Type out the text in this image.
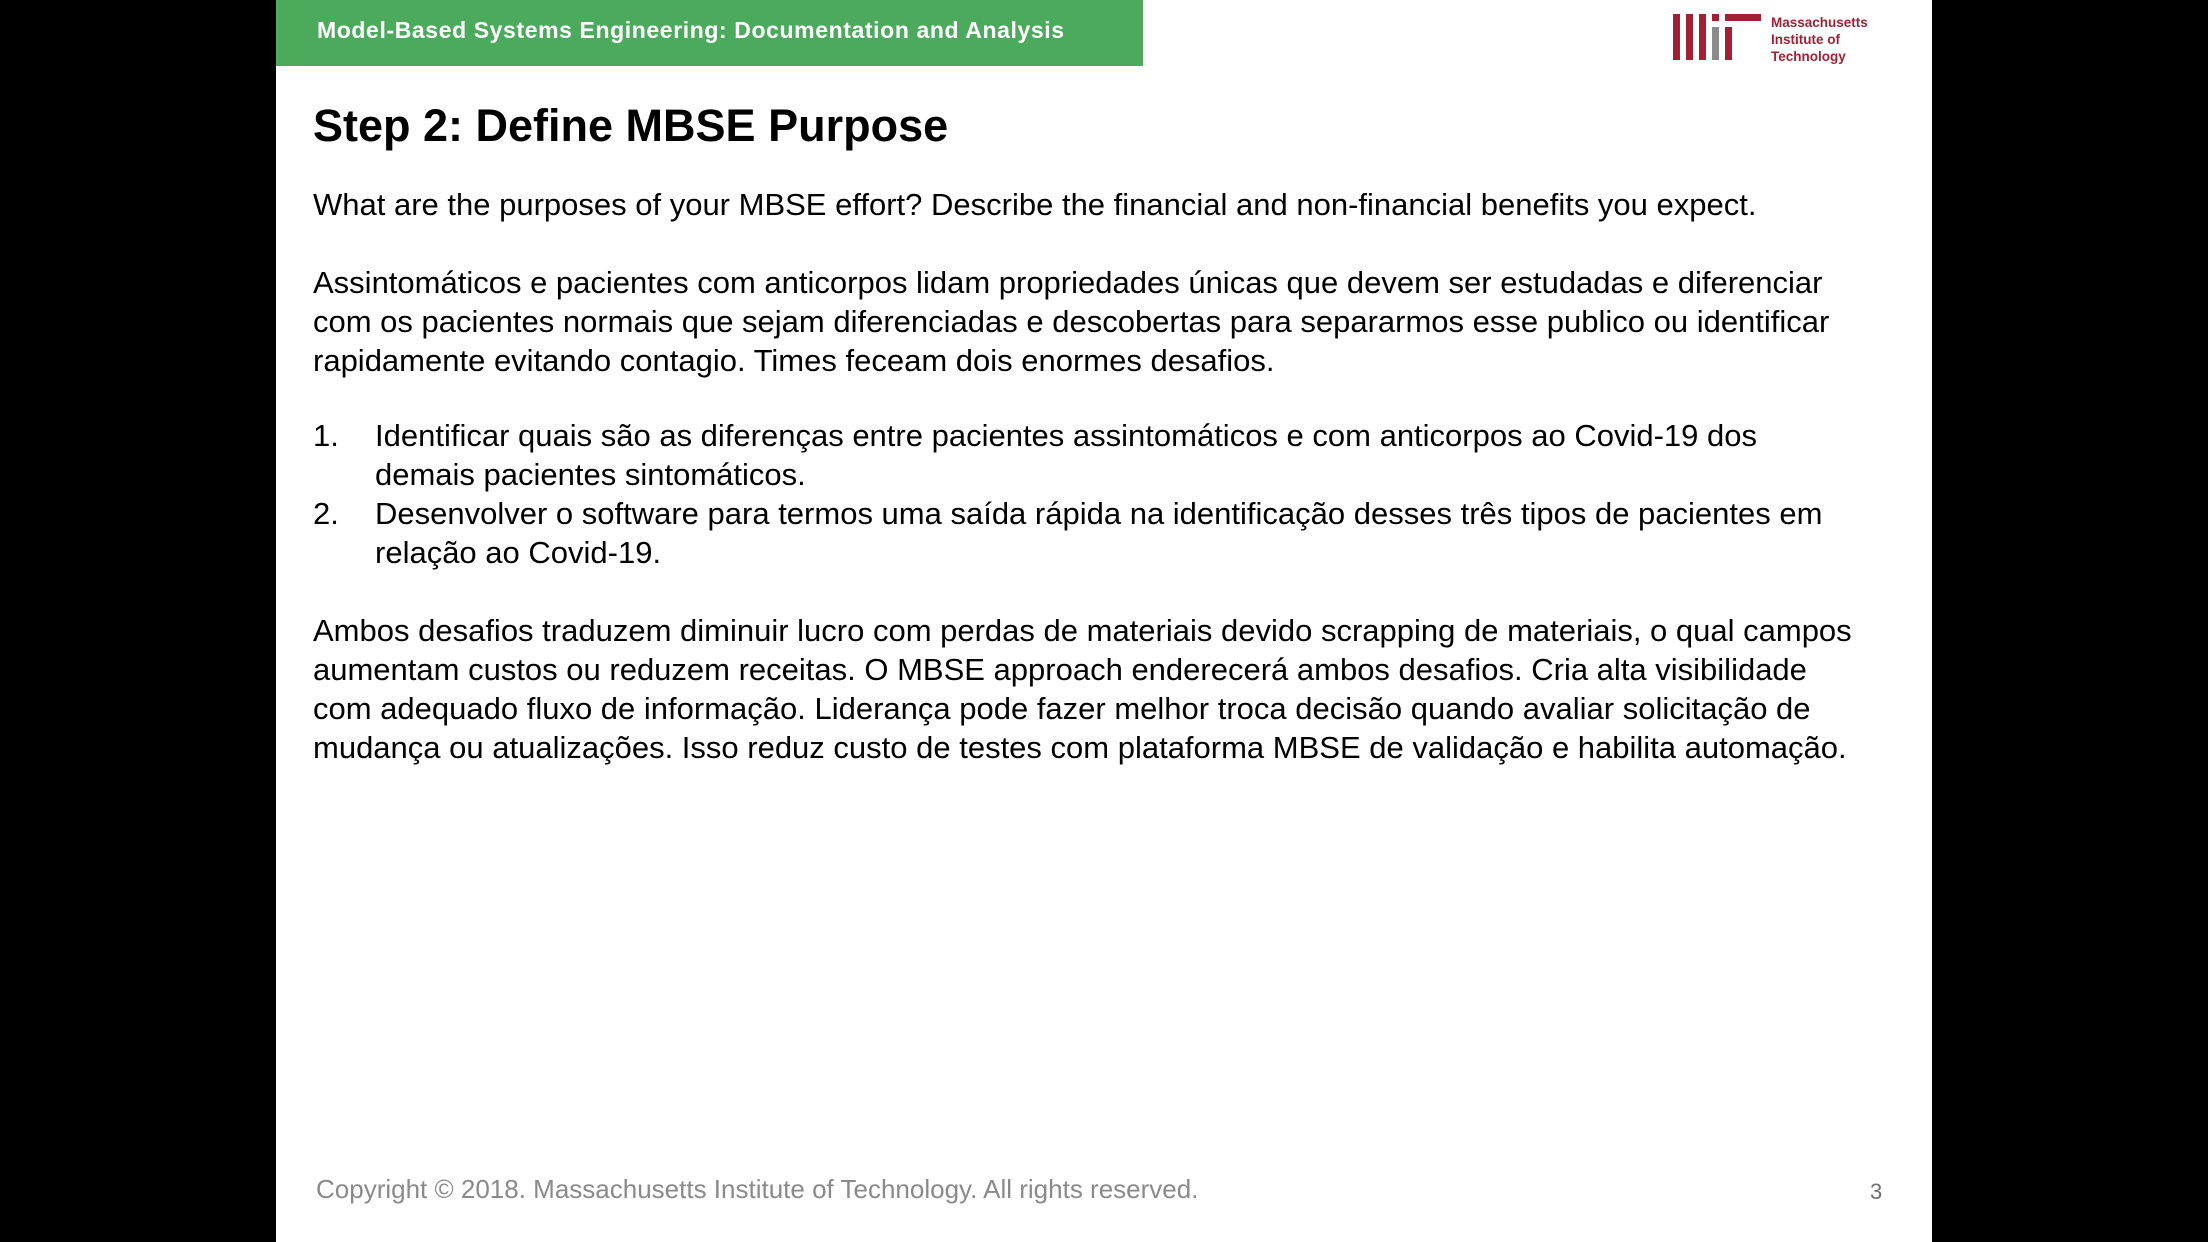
Model-Based Systems Engineering: Documentation and Analysis	Massachusetts
Institute of
Technology
Step 2: Define MBSE Purpose

What are the purposes of your MBSE effort? Describe the financial and non-financial benefits you expect.

Assintomáticos e pacientes com anticorpos lidam propriedades únicas que devem ser estudadas e diferenciar com os pacientes normais que sejam diferenciadas e descobertas para separarmos esse publico ou identificar rapidamente evitando contagio. Times feceam dois enormes desafios.

1. Identificar quais são as diferenças entre pacientes assintomáticos e com anticorpos ao Covid-19 dos demais pacientes sintomáticos.
2. Desenvolver o software para termos uma saída rápida na identificação desses três tipos de pacientes em relação ao Covid-19.

Ambos desafios traduzem diminuir lucro com perdas de materiais devido scrapping de materiais, o qual campos aumentam custos ou reduzem receitas. O MBSE approach enderecerá ambos desafios. Cria alta visibilidade com adequado fluxo de informação. Liderança pode fazer melhor troca decisão quando avaliar solicitação de mudança ou atualizações. Isso reduz custo de testes com plataforma MBSE de validação e habilita automação.

Copyright © 2018. Massachusetts Institute of Technology. All rights reserved.	3
